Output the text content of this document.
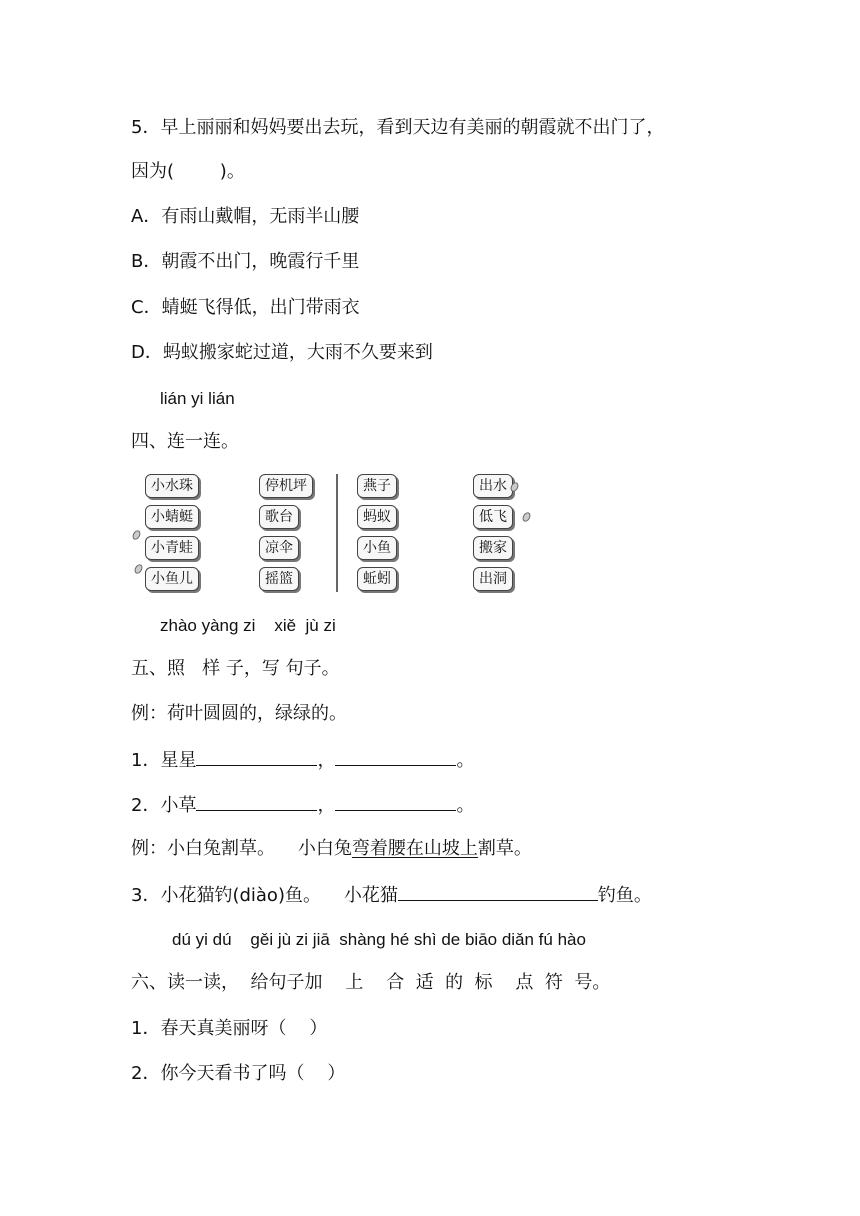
5．早上丽丽和妈妈要出去玩，看到天边有美丽的朝霞就不出门了，
因为(        )。
A．有雨山戴帽，无雨半山腰
B．朝霞不出门，晚霞行千里
C．蜻蜓飞得低，出门带雨衣
D．蚂蚁搬家蛇过道，大雨不久要来到
lián yi lián
四、连一连。
小水珠
小蜻蜓
小青蛙
小鱼儿
停机坪
歌台
凉伞
摇篮
燕子
蚂蚁
小鱼
蚯蚓
出水
低飞
搬家
出洞
zhào yàng zi    xiě  jù zi
五、照   样 子，写 句子。
例：荷叶圆圆的，绿绿的。
1．星星	，	。
2．小草	，	。
例：小白兔割草。    小白兔弯着腰在山坡上割草。
3．小花猫钓(diào)鱼。    小花猫	钓鱼。
dú yi dú    gěi jù zi jiā  shàng hé shì de biāo diǎn fú hào
六、读一读，  给句子加    上    合  适  的  标    点  符  号。
1．春天真美丽呀（    ）
2．你今天看书了吗（    ）
